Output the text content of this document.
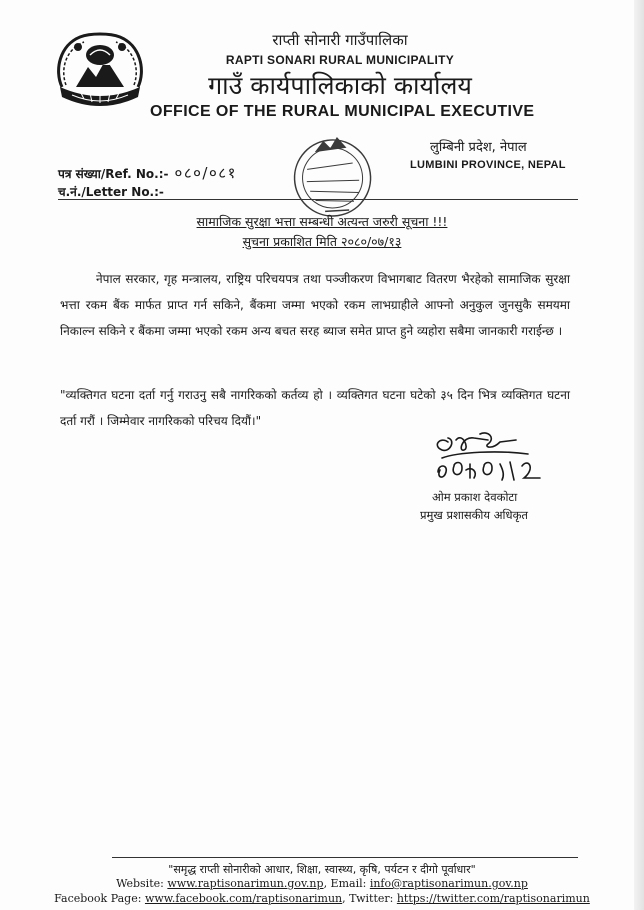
राप्ती सोनारी गाउँपालिका
RAPTI SONARI RURAL MUNICIPALITY
गाउँ कार्यपालिकाको कार्यालय
OFFICE OF THE RURAL MUNICIPAL EXECUTIVE
लुम्बिनी प्रदेश, नेपाल
LUMBINI PROVINCE, NEPAL
पत्र संख्या/Ref. No.:- ०८०/०८१
च.नं./Letter No.:-
सामाजिक सुरक्षा भत्ता सम्बन्धी अत्यन्त जरुरी सूचना !!!
सुचना प्रकाशित मिति २०८०/०७/१३
नेपाल सरकार, गृह मन्त्रालय, राष्ट्रिय परिचयपत्र तथा पञ्जीकरण विभागबाट वितरण भैरहेको सामाजिक सुरक्षा भत्ता रकम बैंक मार्फत प्राप्त गर्न सकिने, बैंकमा जम्मा भएको रकम लाभग्राहीले आफ्नो अनुकुल जुनसुकै समयमा निकाल्न सकिने र बैंकमा जम्मा भएको रकम अन्य बचत सरह ब्याज समेत प्राप्त हुने व्यहोरा सबैमा जानकारी गराईन्छ ।
"व्यक्तिगत घटना दर्ता गर्नु गराउनु सबै नागरिकको कर्तव्य हो । व्यक्तिगत घटना घटेको ३५ दिन भित्र व्यक्तिगत घटना दर्ता गरौं । जिम्मेवार नागरिकको परिचय दियौं।"
ओम प्रकाश देवकोटा
प्रमुख प्रशासकीय अधिकृत
"समृद्ध राप्ती सोनारीको आधार, शिक्षा, स्वास्थ्य, कृषि, पर्यटन र दीगो पूर्वाधार"
Website: www.raptisonarimun.gov.np, Email: info@raptisonarimun.gov.np
Facebook Page: www.facebook.com/raptisonarimun, Twitter: https://twitter.com/raptisonarimun
